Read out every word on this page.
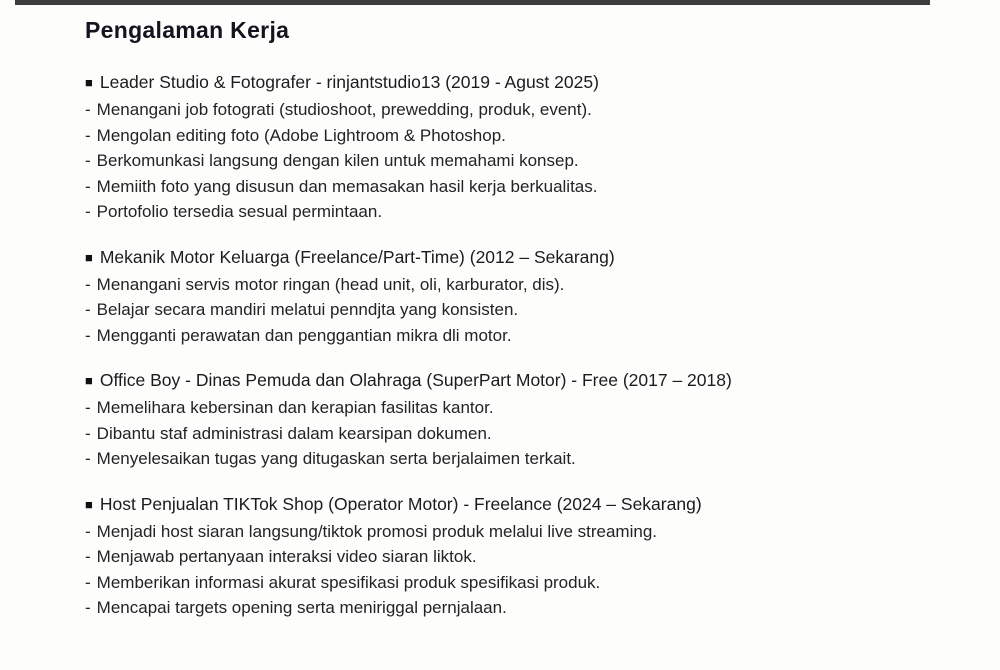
Pengalaman Kerja
■ Leader Studio & Fotografer - rinjantstudio13 (2019 - Agust 2025)
- Menangani job fotograti (studioshoot, prewedding, produk, event).
- Mengolan editing foto (Adobe Lightroom & Photoshop.
- Berkomunkasi langsung dengan kilen untuk memahami konsep.
- Memiith foto yang disusun dan memasakan hasil kerja berkualitas.
- Portofolio tersedia sesual permintaan.
■ Mekanik Motor Keluarga (Freelance/Part-Time) (2012 – Sekarang)
- Menangani servis motor ringan (head unit, oli, karburator, dis).
- Belajar secara mandiri melatui penndjta yang konsisten.
- Mengganti perawatan dan penggantian mikra dli motor.
■ Office Boy - Dinas Pemuda dan Olahraga (SuperPart Motor) - Free (2017 – 2018)
- Memelihara kebersinan dan kerapian fasilitas kantor.
- Dibantu staf administrasi dalam kearsipan dokumen.
- Menyelesaikan tugas yang ditugaskan serta berjalaimen terkait.
■ Host Penjualan TIKTok Shop (Operator Motor) - Freelance (2024 – Sekarang)
- Menjadi host siaran langsung/tiktok promosi produk melalui live streaming.
- Menjawab pertanyaan interaksi video siaran liktok.
- Memberikan informasi akurat spesifikasi produk spesifikasi produk.
- Mencapai targets opening serta meniriggal pernjalaan.
